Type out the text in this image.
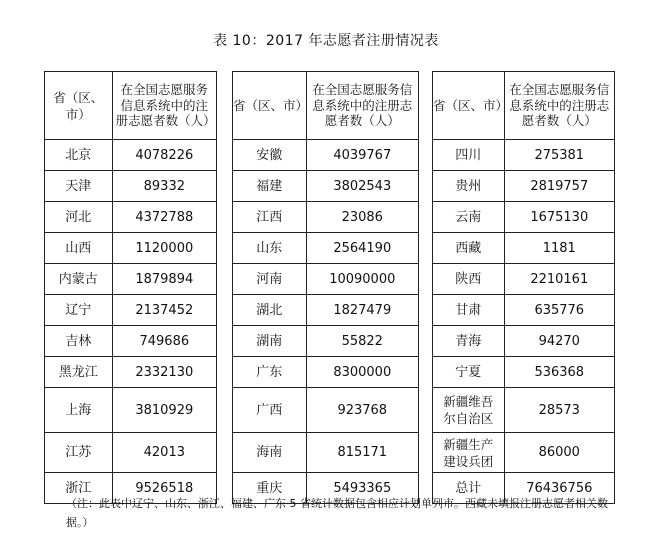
表 10：2017 年志愿者注册情况表
省（区、市）	在全国志愿服务信息系统中的注册志愿者数（人）
北京	4078226
天津	89332
河北	4372788
山西	1120000
内蒙古	1879894
辽宁	2137452
吉林	749686
黑龙江	2332130
上海	3810929
江苏	42013
浙江	9526518
省（区、市）	在全国志愿服务信息系统中的注册志愿者数（人）
安徽	4039767
福建	3802543
江西	23086
山东	2564190
河南	10090000
湖北	1827479
湖南	55822
广东	8300000
广西	923768
海南	815171
重庆	5493365
省（区、市）	在全国志愿服务信息系统中的注册志愿者数（人）
四川	275381
贵州	2819757
云南	1675130
西藏	1181
陕西	2210161
甘肃	635776
青海	94270
宁夏	536368
新疆维吾尔自治区	28573
新疆生产建设兵团	86000
总计	76436756
（注：此表中辽宁、山东、浙江、福建、广东 5 省统计数据包含相应计划单列市。西藏未填报注册志愿者相关数据。）
